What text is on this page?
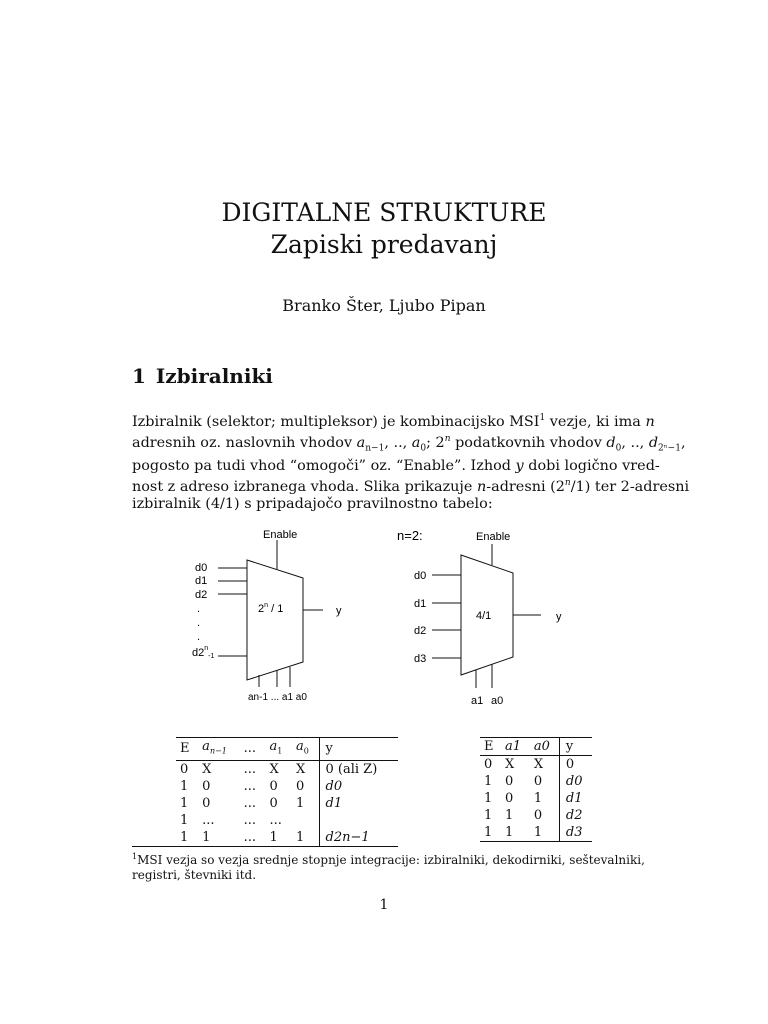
DIGITALNE STRUKTURE
Zapiski predavanj
Branko Šter, Ljubo Pipan
1 Izbiralniki
Izbiralnik (selektor; multipleksor) je kombinacijsko MSI$^1$ vezje, ki ima n
adresnih oz. naslovnih vhodov $a_{n-1}$, .., $a_0$; 2$^n$ podatkovnih vhodov $d_0$, .., $d_{2^n-1}$,
pogosto pa tudi vhod “omogoči” oz. “Enable”. Izhod y dobi logično vred-
nost z adreso izbranega vhoda. Slika prikazuje n-adresni (2$^n$/1) ter 2-adresni
izbiralnik (4/1) s pripadajočo pravilnostno tabelo:
Enable
d0
d1
d2
.
.
.
$d2^n_{-1}$
2$^n$ / 1	y
an-1 ... a1 a0
n=2:	Enable
d0
d1
d2
d3
4/1	y
a1 a0
E	$a_{n-1}$	...	$a_1$	$a_0$	y
0	X	...	X	X	0 (ali Z)
1	0	...	0	0	d0
1	0	...	0	1	d1
1	...	...	...		
1	1	...	1	1	d2n−1
E	a1	a0	y
0	X	X	0
1	0	0	d0
1	0	1	d1
1	1	0	d2
1	1	1	d3
$^1$MSI vezja so vezja srednje stopnje integracije: izbiralniki, dekodirniki, seštevalniki,
registri, števniki itd.
1
